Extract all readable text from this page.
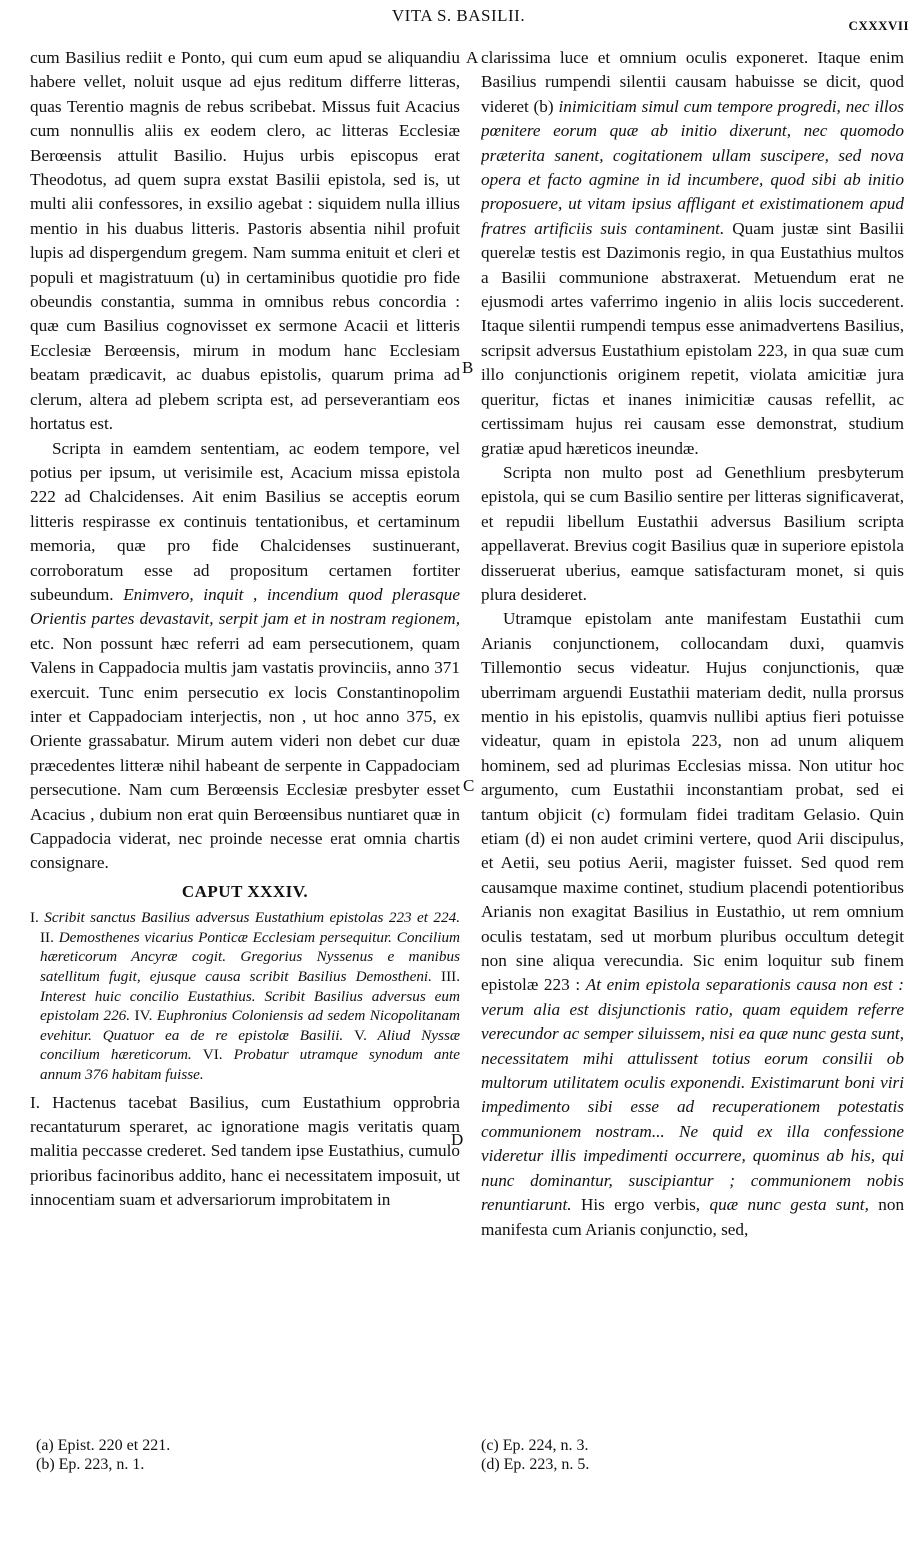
VITA S. BASILII.
CXXXVII

cum Basilius rediit e Ponto, qui cum eum apud se aliquandiu habere vellet, noluit usque ad ejus reditum differre litteras, quas Terentio magnis de rebus scribebat. Missus fuit Acacius cum nonnullis aliis ex eodem clero, ac litteras Ecclesiæ Berœensis attulit Basilio. Hujus urbis episcopus erat Theodotus, ad quem supra exstat Basilii epistola, sed is, ut multi alii confessores, in exsilio agebat : siquidem nulla illius mentio in his duabus litteris. Pastoris absentia nihil profuit lupis ad dispergendum gregem. Nam summa enituit et cleri et populi et magistratuum (u) in certaminibus quotidie pro fide obeundis constantia, summa in omnibus rebus concordia : quæ cum Basilius cognovisset ex sermone Acacii et litteris Ecclesiæ Berœensis, mirum in modum hanc Ecclesiam beatam prædicavit, ac duabus epistolis, quarum prima ad clerum, altera ad plebem scripta est, ad perseverantiam eos hortatus est.

Scripta in eamdem sententiam, ac eodem tempore, vel potius per ipsum, ut verisimile est, Acacium missa epistola 222 ad Chalcidenses. Ait enim Basilius se acceptis eorum litteris respirasse ex continuis tentationibus, et certaminum memoria, quæ pro fide Chalcidenses sustinuerant, corroboratum esse ad propositum certamen fortiter subeundum. Enimvero, inquit , incendium quod plerasque Orientis partes devastavit, serpit jam et in nostram regionem, etc. Non possunt hæc referri ad eam persecutionem, quam Valens in Cappadocia multis jam vastatis provinciis, anno 371 exercuit. Tunc enim persecutio ex locis Constantinopolim inter et Cappadociam interjectis, non , ut hoc anno 375, ex Oriente grassabatur. Mirum autem videri non debet cur duæ præcedentes litteræ nihil habeant de serpente in Cappadociam persecutione. Nam cum Berœensis Ecclesiæ presbyter esset Acacius , dubium non erat quin Berœensibus nuntiaret quæ in Cappadocia viderat, nec proinde necesse erat omnia chartis consignare.

CAPUT XXXIV.
I. Scribit sanctus Basilius adversus Eustathium epistolas 223 et 224. II. Demosthenes vicarius Ponticæ Ecclesiam persequitur. Concilium hæreticorum Ancyræ cogit. Gregorius Nyssenus e manibus satellitum fugit, ejusque causa scribit Basilius Demostheni. III. Interest huic concilio Eustathius. Scribit Basilius adversus eum epistolam 226. IV. Euphronius Coloniensis ad sedem Nicopolitanam evehitur. Quatuor ea de re epistolæ Basilii. V. Aliud Nyssæ concilium hæreticorum. VI. Probatur utramque synodum ante annum 376 habitam fuisse.

I. Hactenus tacebat Basilius, cum Eustathium opprobria recantaturum speraret, ac ignoratione magis veritatis quam malitia peccasse crederet. Sed tandem ipse Eustathius, cumulo prioribus facinoribus addito, hanc ei necessitatem imposuit, ut innocentiam suam et adversariorum improbitatem in

A
B
C
D

clarissima luce et omnium oculis exponeret. Itaque enim Basilius rumpendi silentii causam habuisse se dicit, quod videret (b) inimicitiam simul cum tempore progredi, nec illos pœnitere eorum quæ ab initio dixerunt, nec quomodo præterita sanent, cogitationem ullam suscipere, sed nova opera et facto agmine in id incumbere, quod sibi ab initio proposuere, ut vitam ipsius affligant et existimationem apud fratres artificiis suis contaminent. Quam justæ sint Basilii querelæ testis est Dazimonis regio, in qua Eustathius multos a Basilii communione abstraxerat. Metuendum erat ne ejusmodi artes vaferrimo ingenio in aliis locis succederent. Itaque silentii rumpendi tempus esse animadvertens Basilius, scripsit adversus Eustathium epistolam 223, in qua suæ cum illo conjunctionis originem repetit, violata amicitiæ jura queritur, fictas et inanes inimicitiæ causas refellit, ac certissimam hujus rei causam esse demonstrat, studium gratiæ apud hæreticos ineundæ.

Scripta non multo post ad Genethlium presbyterum epistola, qui se cum Basilio sentire per litteras significaverat, et repudii libellum Eustathii adversus Basilium scripta appellaverat. Brevius cogit Basilius quæ in superiore epistola disseruerat uberius, eamque satisfacturam monet, si quis plura desideret.

Utramque epistolam ante manifestam Eustathii cum Arianis conjunctionem, collocandam duxi, quamvis Tillemontio secus videatur. Hujus conjunctionis, quæ uberrimam arguendi Eustathii materiam dedit, nulla prorsus mentio in his epistolis, quamvis nullibi aptius fieri potuisse videatur, quam in epistola 223, non ad unum aliquem hominem, sed ad plurimas Ecclesias missa. Non utitur hoc argumento, cum Eustathii inconstantiam probat, sed ei tantum objicit (c) formulam fidei traditam Gelasio. Quin etiam (d) ei non audet crimini vertere, quod Arii discipulus, et Aetii, seu potius Aerii, magister fuisset. Sed quod rem causamque maxime continet, studium placendi potentioribus Arianis non exagitat Basilius in Eustathio, ut rem omnium oculis testatam, sed ut morbum pluribus occultum detegit non sine aliqua verecundia. Sic enim loquitur sub finem epistolæ 223 : At enim epistola separationis causa non est : verum alia est disjunctionis ratio, quam equidem referre verecundor ac semper siluissem, nisi ea quæ nunc gesta sunt, necessitatem mihi attulissent totius eorum consilii ob multorum utilitatem oculis exponendi. Existimarunt boni viri impedimento sibi esse ad recuperationem potestatis communionem nostram... Ne quid ex illa confessione videretur illis impedimenti occurrere, quominus ab his, qui nunc dominantur, suscipiantur ; communionem nobis renuntiarunt. His ergo verbis, quæ nunc gesta sunt, non manifesta cum Arianis conjunctio, sed,

(a) Epist. 220 et 221.
(b) Ep. 223, n. 1.
(c) Ep. 224, n. 3.
(d) Ep. 223, n. 5.
